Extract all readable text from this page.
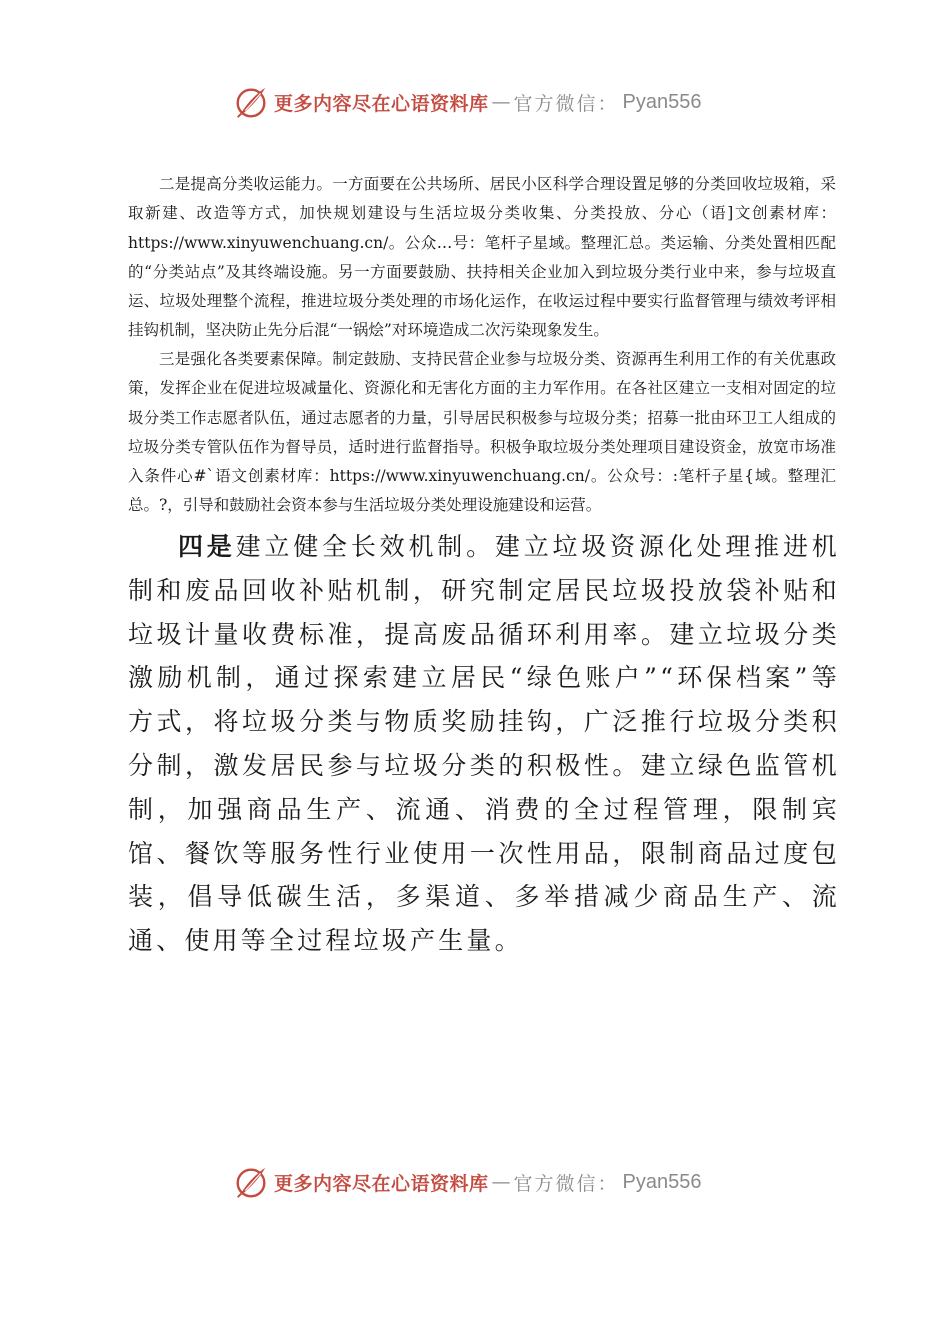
更多内容尽在心语资料库 — 官方微信： Pyan556

二是提高分类收运能力。一方面要在公共场所、居民小区科学合理设置足够的分类回收垃圾箱，采取新建、改造等方式，加快规划建设与生活垃圾分类收集、分类投放、分心（语]文创素材库：https://www.xinyuwenchuang.cn/。公众…号：笔杆子星域。整理汇总。类运输、分类处置相匹配的“分类站点”及其终端设施。另一方面要鼓励、扶持相关企业加入到垃圾分类行业中来，参与垃圾直运、垃圾处理整个流程，推进垃圾分类处理的市场化运作，在收运过程中要实行监督管理与绩效考评相挂钩机制，坚决防止先分后混“一锅烩”对环境造成二次污染现象发生。

三是强化各类要素保障。制定鼓励、支持民营企业参与垃圾分类、资源再生利用工作的有关优惠政策，发挥企业在促进垃圾减量化、资源化和无害化方面的主力军作用。在各社区建立一支相对固定的垃圾分类工作志愿者队伍，通过志愿者的力量，引导居民积极参与垃圾分类；招募一批由环卫工人组成的垃圾分类专管队伍作为督导员，适时进行监督指导。积极争取垃圾分类处理项目建设资金，放宽市场准入条件心#`语文创素材库：https://www.xinyuwenchuang.cn/。公众号：:笔杆子星{域。整理汇总。?，引导和鼓励社会资本参与生活垃圾分类处理设施建设和运营。

四是建立健全长效机制。建立垃圾资源化处理推进机制和废品回收补贴机制，研究制定居民垃圾投放袋补贴和垃圾计量收费标准，提高废品循环利用率。建立垃圾分类激励机制，通过探索建立居民“绿色账户”“环保档案”等方式，将垃圾分类与物质奖励挂钩，广泛推行垃圾分类积分制，激发居民参与垃圾分类的积极性。建立绿色监管机制，加强商品生产、流通、消费的全过程管理，限制宾馆、餐饮等服务性行业使用一次性用品，限制商品过度包装，倡导低碳生活，多渠道、多举措减少商品生产、流通、使用等全过程垃圾产生量。

更多内容尽在心语资料库 — 官方微信： Pyan556
